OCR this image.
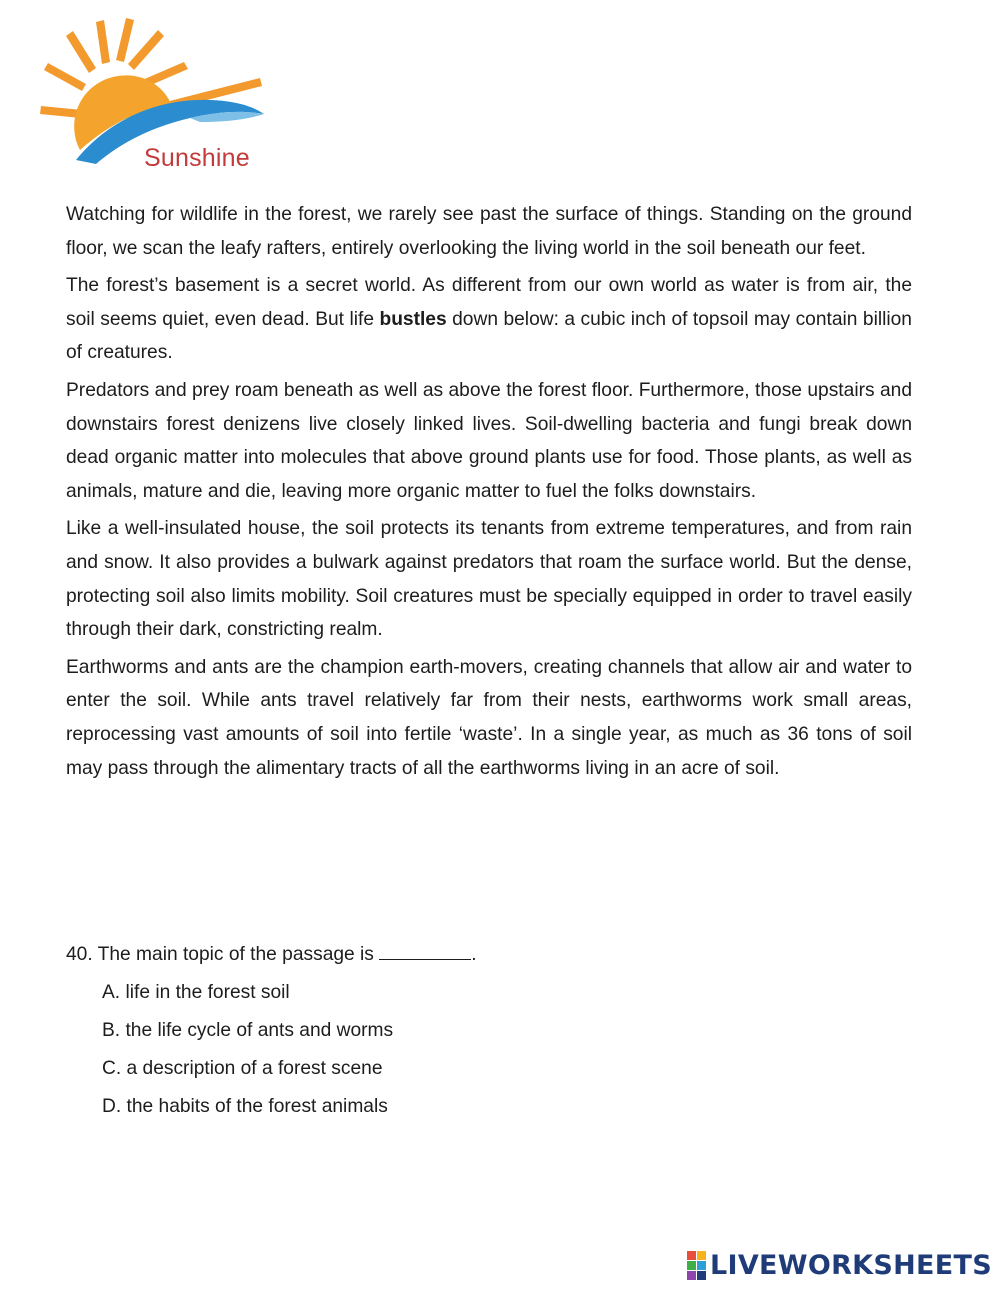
Sunshine

Watching for wildlife in the forest, we rarely see past the surface of things. Standing on the ground floor, we scan the leafy rafters, entirely overlooking the living world in the soil beneath our feet.

The forest’s basement is a secret world. As different from our own world as water is from air, the soil seems quiet, even dead. But life bustles down below: a cubic inch of topsoil may contain billion of creatures.

Predators and prey roam beneath as well as above the forest floor. Furthermore, those upstairs and downstairs forest denizens live closely linked lives. Soil-dwelling bacteria and fungi break down dead organic matter into molecules that above ground plants use for food. Those plants, as well as animals, mature and die, leaving more organic matter to fuel the folks downstairs.

Like a well-insulated house, the soil protects its tenants from extreme temperatures, and from rain and snow. It also provides a bulwark against predators that roam the surface world. But the dense, protecting soil also limits mobility. Soil creatures must be specially equipped in order to travel easily through their dark, constricting realm.

Earthworms and ants are the champion earth-movers, creating channels that allow air and water to enter the soil. While ants travel relatively far from their nests, earthworms work small areas, reprocessing vast amounts of soil into fertile ‘waste’. In a single year, as much as 36 tons of soil may pass through the alimentary tracts of all the earthworms living in an acre of soil.

40. The main topic of the passage is	.

A. life in the forest soil
B. the life cycle of ants and worms
C. a description of a forest scene
D. the habits of the forest animals
LIVEWORKSHEETS
